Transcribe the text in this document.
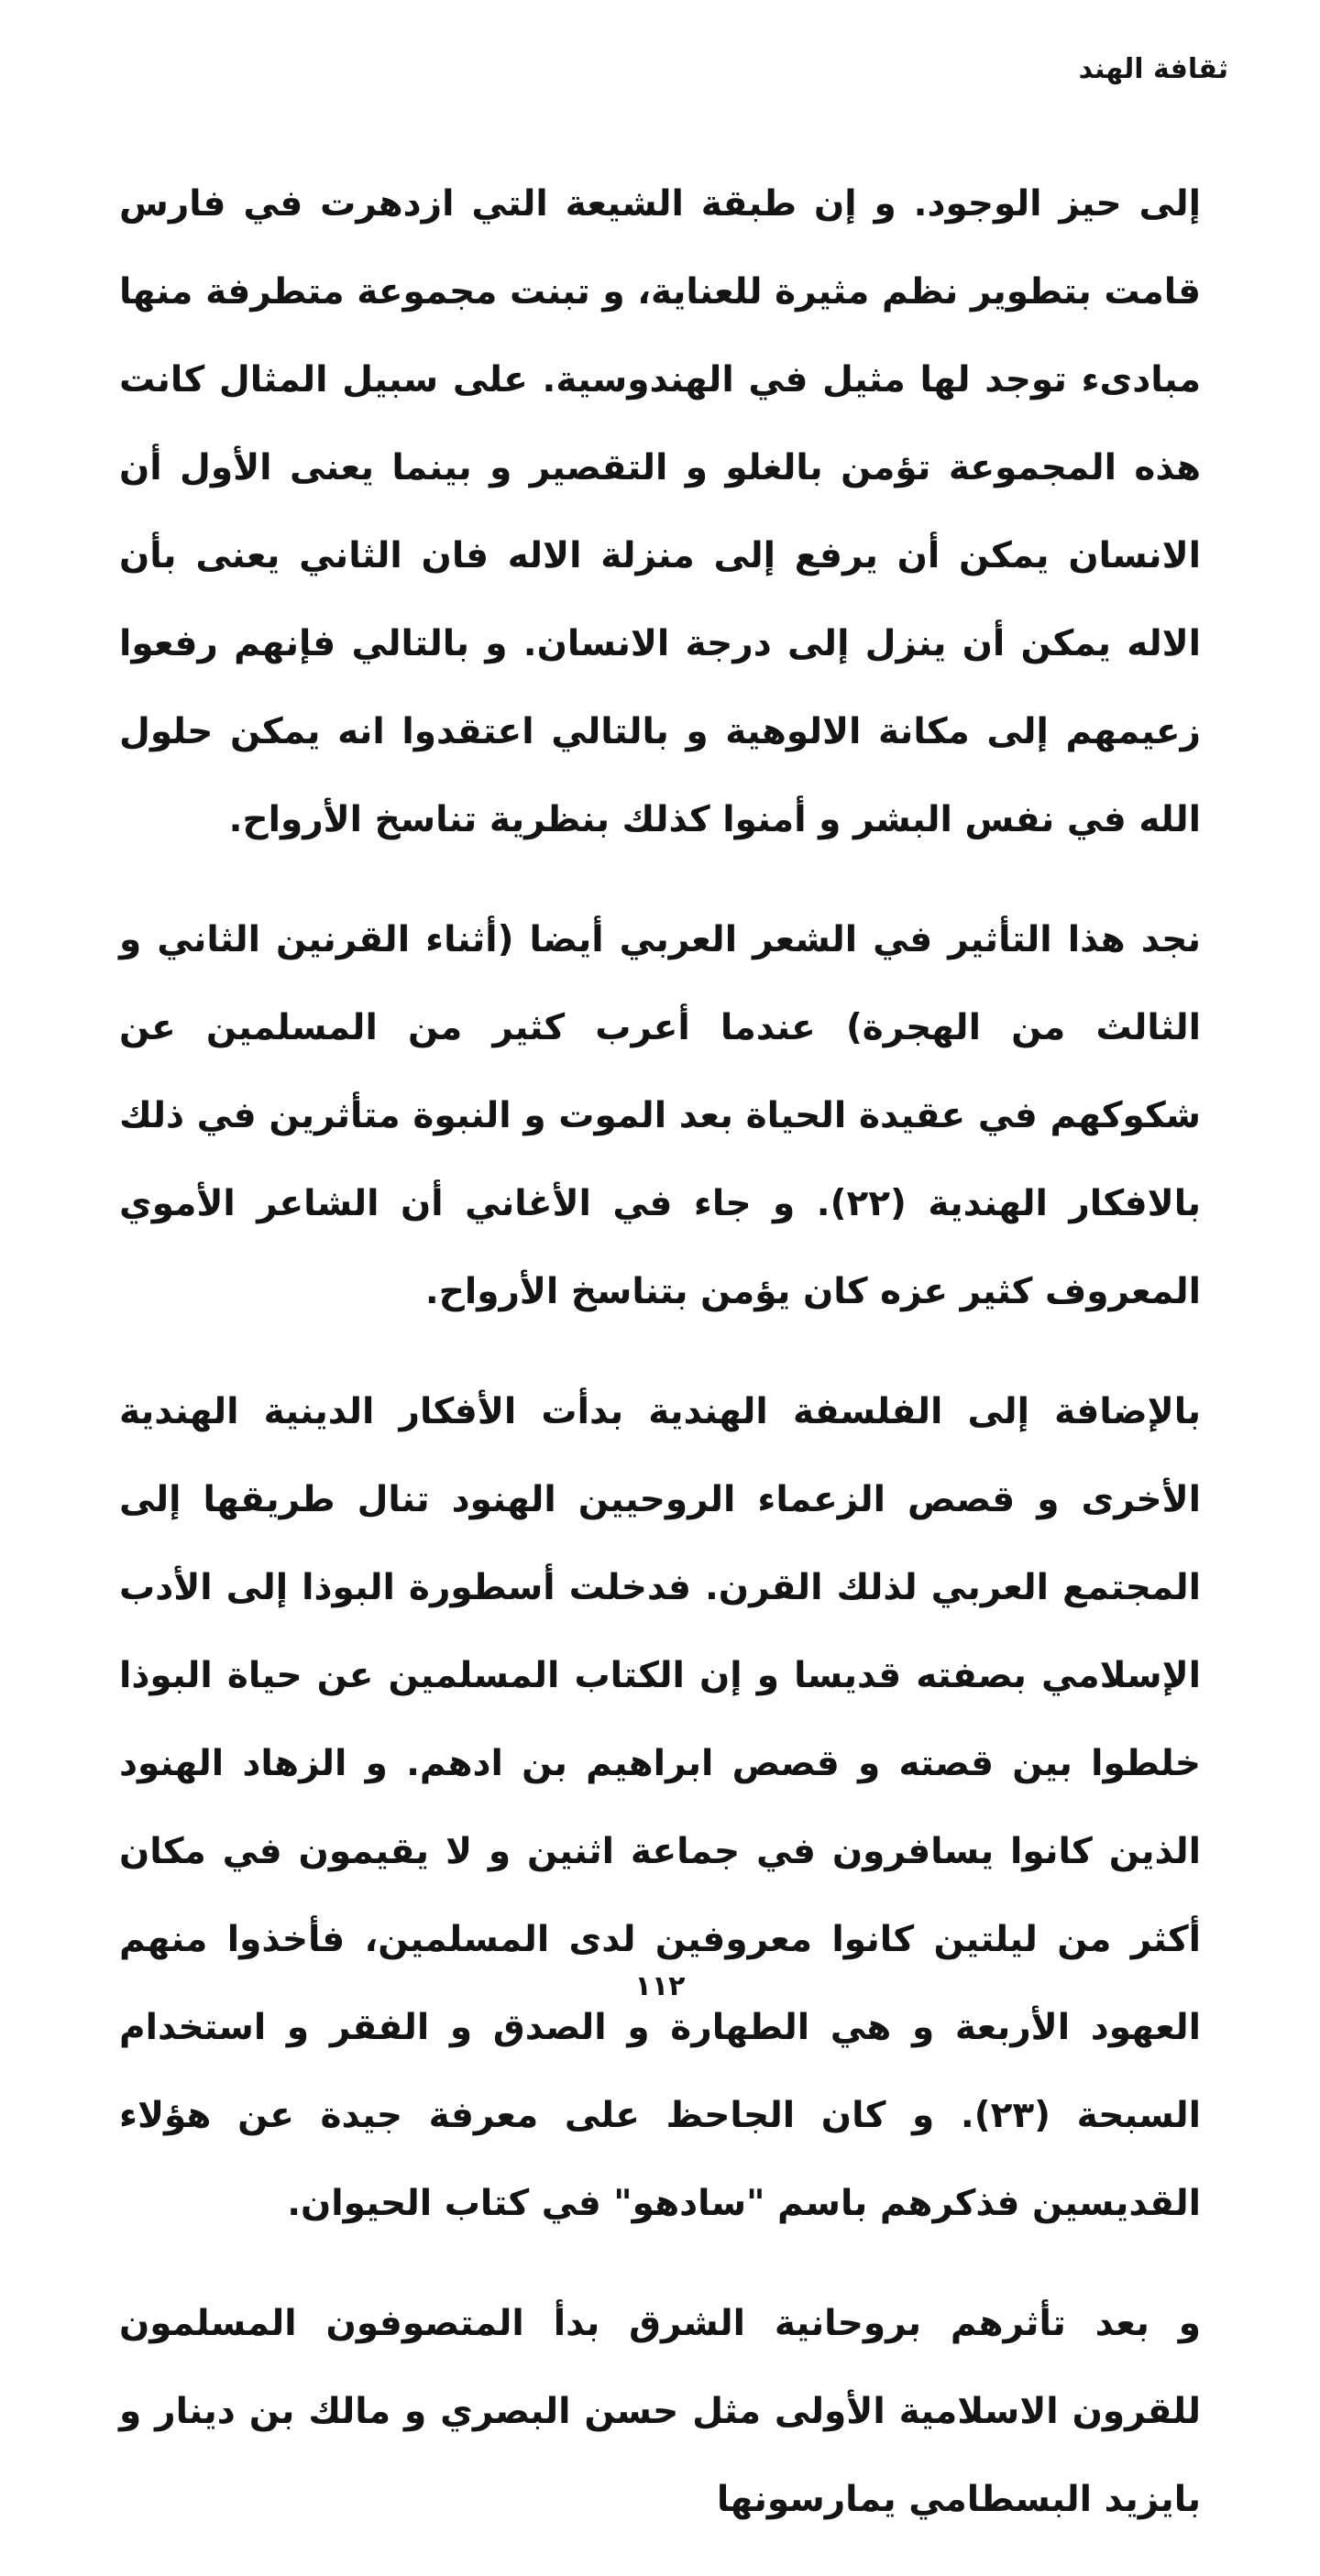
ثقافة الهند

إلى حيز الوجود. و إن طبقة الشيعة التي ازدهرت في فارس قامت بتطوير نظم مثيرة للعناية، و تبنت مجموعة متطرفة منها مبادىء توجد لها مثيل في الهندوسية. على سبيل المثال كانت هذه المجموعة تؤمن بالغلو و التقصير و بينما يعنى الأول أن الانسان يمكن أن يرفع إلى منزلة الاله فان الثاني يعنى بأن الاله يمكن أن ينزل إلى درجة الانسان. و بالتالي فإنهم رفعوا زعيمهم إلى مكانة الالوهية و بالتالي اعتقدوا انه يمكن حلول الله في نفس البشر و أمنوا كذلك بنظرية تناسخ الأرواح.

نجد هذا التأثير في الشعر العربي أيضا (أثناء القرنين الثاني و الثالث من الهجرة) عندما أعرب كثير من المسلمين عن شكوكهم في عقيدة الحياة بعد الموت و النبوة متأثرين في ذلك بالافكار الهندية (٢٢). و جاء في الأغاني أن الشاعر الأموي المعروف كثير عزه كان يؤمن بتناسخ الأرواح.

بالإضافة إلى الفلسفة الهندية بدأت الأفكار الدينية الهندية الأخرى و قصص الزعماء الروحيين الهنود تنال طريقها إلى المجتمع العربي لذلك القرن. فدخلت أسطورة البوذا إلى الأدب الإسلامي بصفته قديسا و إن الكتاب المسلمين عن حياة البوذا خلطوا بين قصته و قصص ابراهيم بن ادهم. و الزهاد الهنود الذين كانوا يسافرون في جماعة اثنين و لا يقيمون في مكان أكثر من ليلتين كانوا معروفين لدى المسلمين، فأخذوا منهم العهود الأربعة و هي الطهارة و الصدق و الفقر و استخدام السبحة (٢٣). و كان الجاحظ على معرفة جيدة عن هؤلاء القديسين فذكرهم باسم "سادهو" في كتاب الحيوان.

و بعد تأثرهم بروحانية الشرق بدأ المتصوفون المسلمون للقرون الاسلامية الأولى مثل حسن البصري و مالك بن دينار و بايزيد البسطامي يمارسونها

١١٢
